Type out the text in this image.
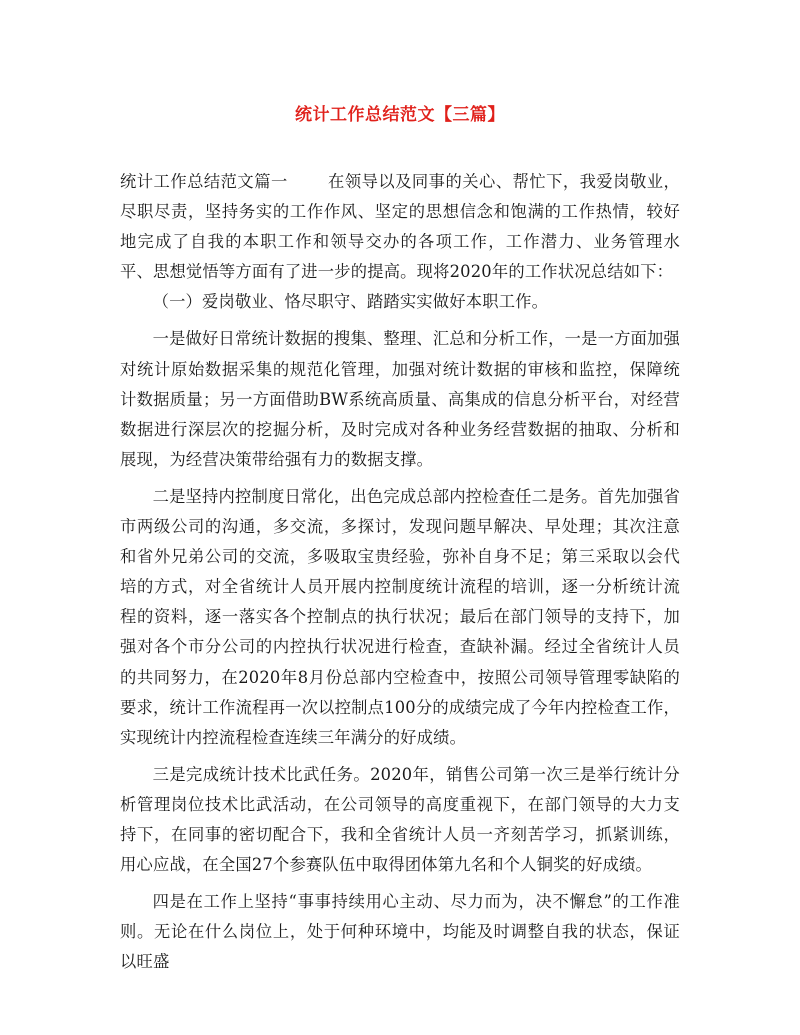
统计工作总结范文【三篇】

统计工作总结范文篇一 在领导以及同事的关心、帮忙下，我爱岗敬业，尽职尽责，坚持务实的工作作风、坚定的思想信念和饱满的工作热情，较好地完成了自我的本职工作和领导交办的各项工作，工作潜力、业务管理水平、思想觉悟等方面有了进一步的提高。现将2020年的工作状况总结如下：

（一）爱岗敬业、恪尽职守、踏踏实实做好本职工作。

一是做好日常统计数据的搜集、整理、汇总和分析工作，一是一方面加强对统计原始数据采集的规范化管理，加强对统计数据的审核和监控，保障统计数据质量；另一方面借助BW系统高质量、高集成的信息分析平台，对经营数据进行深层次的挖掘分析，及时完成对各种业务经营数据的抽取、分析和展现，为经营决策带给强有力的数据支撑。

二是坚持内控制度日常化，出色完成总部内控检查任二是务。首先加强省市两级公司的沟通，多交流，多探讨，发现问题早解决、早处理；其次注意和省外兄弟公司的交流，多吸取宝贵经验，弥补自身不足；第三采取以会代培的方式，对全省统计人员开展内控制度统计流程的培训，逐一分析统计流程的资料，逐一落实各个控制点的执行状况；最后在部门领导的支持下，加强对各个市分公司的内控执行状况进行检查，查缺补漏。经过全省统计人员的共同努力，在2020年8月份总部内空检查中，按照公司领导管理零缺陷的要求，统计工作流程再一次以控制点100分的成绩完成了今年内控检查工作，实现统计内控流程检查连续三年满分的好成绩。

三是完成统计技术比武任务。2020年，销售公司第一次三是举行统计分析管理岗位技术比武活动，在公司领导的高度重视下，在部门领导的大力支持下，在同事的密切配合下，我和全省统计人员一齐刻苦学习，抓紧训练，用心应战，在全国27个参赛队伍中取得团体第九名和个人铜奖的好成绩。

四是在工作上坚持“事事持续用心主动、尽力而为，决不懈怠”的工作准则。无论在什么岗位上，处于何种环境中，均能及时调整自我的状态，保证以旺盛
